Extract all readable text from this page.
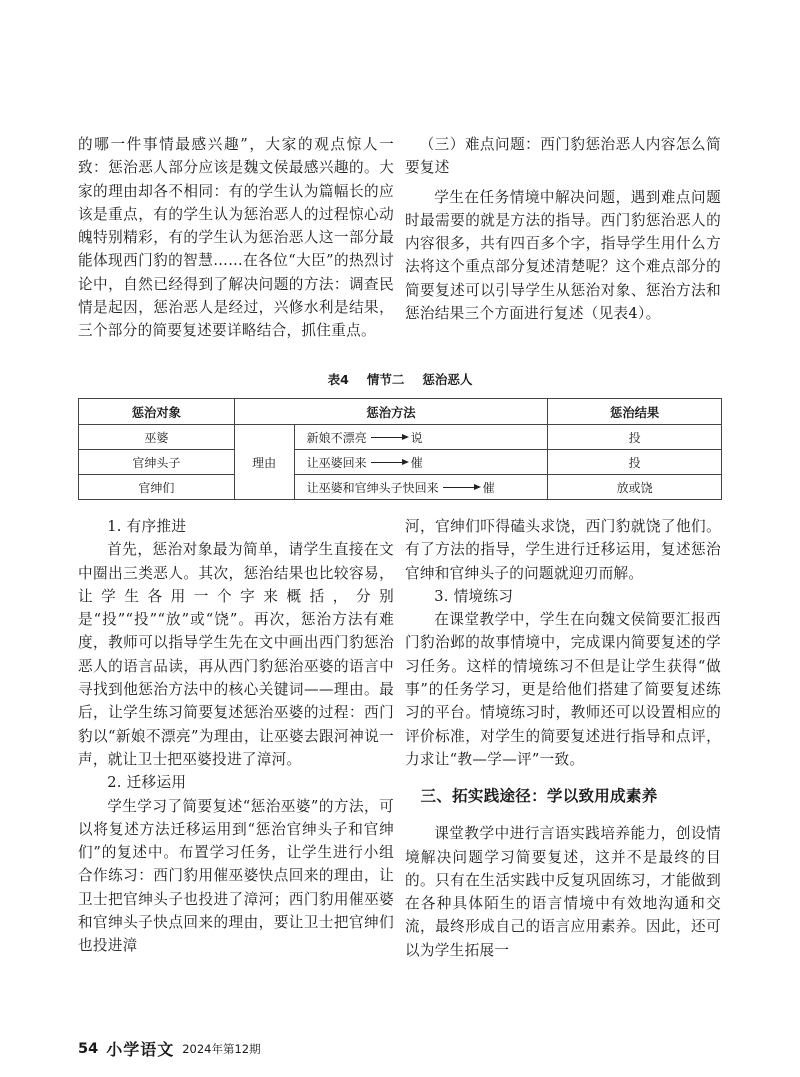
的哪一件事情最感兴趣”，大家的观点惊人一致：惩治恶人部分应该是魏文侯最感兴趣的。大家的理由却各不相同：有的学生认为篇幅长的应该是重点，有的学生认为惩治恶人的过程惊心动魄特别精彩，有的学生认为惩治恶人这一部分最能体现西门豹的智慧……在各位“大臣”的热烈讨论中，自然已经得到了解决问题的方法：调查民情是起因，惩治恶人是经过，兴修水利是结果，三个部分的简要复述要详略结合，抓住重点。

（三）难点问题：西门豹惩治恶人内容怎么简要复述

学生在任务情境中解决问题，遇到难点问题时最需要的就是方法的指导。西门豹惩治恶人的内容很多，共有四百多个字，指导学生用什么方法将这个重点部分复述清楚呢？这个难点部分的简要复述可以引导学生从惩治对象、惩治方法和惩治结果三个方面进行复述（见表4）。

表4 情节二 惩治恶人
惩治对象	惩治方法		惩治结果
巫婆	理由	新娘不漂亮 说	投
官绅头子		让巫婆回来 催	投
官绅们		让巫婆和官绅头子快回来 催	放或饶

1. 有序推进

首先，惩治对象最为简单，请学生直接在文中圈出三类恶人。其次，惩治结果也比较容易，让学生各用一个字来概括，分别是“投”“投”“放”或“饶”。再次，惩治方法有难度，教师可以指导学生先在文中画出西门豹惩治恶人的语言品读，再从西门豹惩治巫婆的语言中寻找到他惩治方法中的核心关键词——理由。最后，让学生练习简要复述惩治巫婆的过程：西门豹以“新娘不漂亮”为理由，让巫婆去跟河神说一声，就让卫士把巫婆投进了漳河。

2. 迁移运用

学生学习了简要复述“惩治巫婆”的方法，可以将复述方法迁移运用到“惩治官绅头子和官绅们”的复述中。布置学习任务，让学生进行小组合作练习：西门豹用催巫婆快点回来的理由，让卫士把官绅头子也投进了漳河；西门豹用催巫婆和官绅头子快点回来的理由，要让卫士把官绅们也投进漳

河，官绅们吓得磕头求饶，西门豹就饶了他们。有了方法的指导，学生进行迁移运用，复述惩治官绅和官绅头子的问题就迎刃而解。

3. 情境练习

在课堂教学中，学生在向魏文侯简要汇报西门豹治邺的故事情境中，完成课内简要复述的学习任务。这样的情境练习不但是让学生获得“做事”的任务学习，更是给他们搭建了简要复述练习的平台。情境练习时，教师还可以设置相应的评价标准，对学生的简要复述进行指导和点评，力求让“教—学—评”一致。

三、拓实践途径：学以致用成素养

课堂教学中进行言语实践培养能力，创设情境解决问题学习简要复述，这并不是最终的目的。只有在生活实践中反复巩固练习，才能做到在各种具体陌生的语言情境中有效地沟通和交流，最终形成自己的语言应用素养。因此，还可以为学生拓展一

54 小学语文 2024年第12期
